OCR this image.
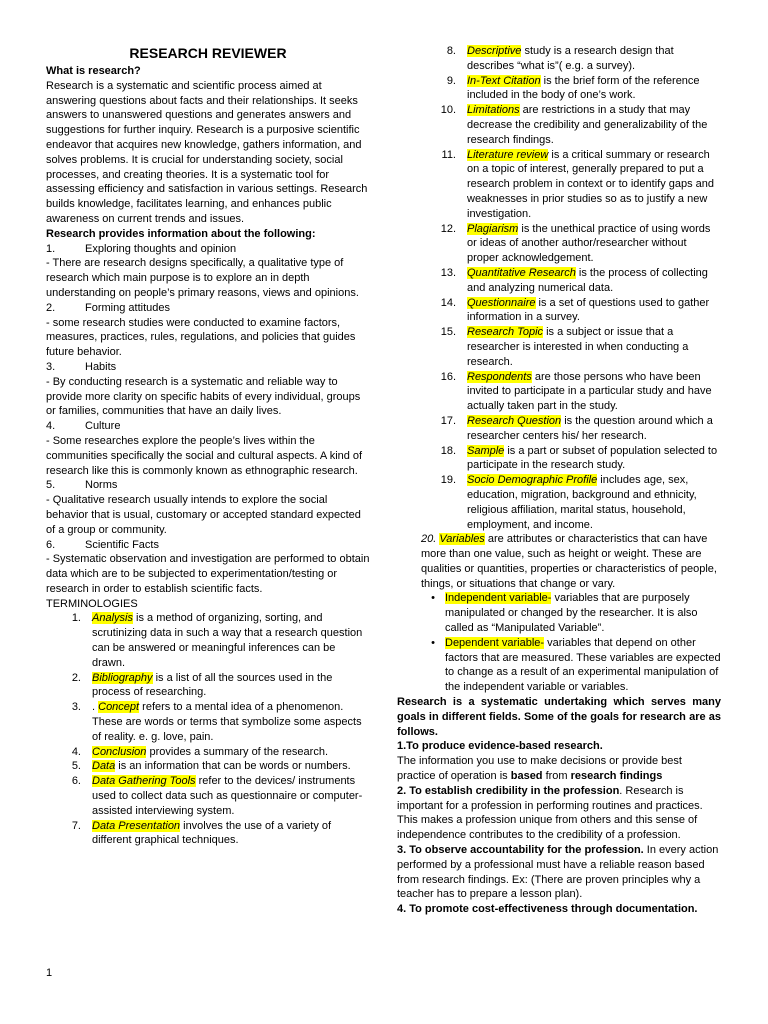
RESEARCH REVIEWER

What is research?

Research is a systematic and scientific process aimed at answering questions about facts and their relationships. It seeks answers to unanswered questions and generates answers and suggestions for further inquiry. Research is a purposive scientific endeavor that acquires new knowledge, gathers information, and solves problems. It is crucial for understanding society, social processes, and creating theories. It is a systematic tool for assessing efficiency and satisfaction in various settings. Research builds knowledge, facilitates learning, and enhances public awareness on current trends and issues.

Research provides information about the following:

1.	Exploring thoughts and opinion

- There are research designs specifically, a qualitative type of research which main purpose is to explore an in depth understanding on people’s primary reasons, views and opinions.

2.	Forming attitudes

- some research studies were conducted to examine factors, measures, practices, rules, regulations, and policies that guides future behavior.

3.	Habits

- By conducting research is a systematic and reliable way to provide more clarity on specific habits of every individual, groups or families, communities that have an daily lives.

4.	Culture

- Some researches explore the people’s lives within the communities specifically the social and cultural aspects. A kind of research like this is commonly known as ethnographic research.

5.	Norms

- Qualitative research usually intends to explore the social behavior that is usual, customary or accepted standard expected of a group or community.

6.	Scientific Facts

- Systematic observation and investigation are performed to obtain data which are to be subjected to experimentation/testing or research in order to establish scientific facts.

TERMINOLOGIES

1.	Analysis is a method of organizing, sorting, and scrutinizing data in such a way that a research question can be answered or meaningful inferences can be drawn.
2.	Bibliography is a list of all the sources used in the process of researching.
3.	. Concept refers to a mental idea of a phenomenon. These are words or terms that symbolize some aspects of reality. e. g. love, pain.
4.	Conclusion provides a summary of the research.
5.	Data is an information that can be words or numbers.
6.	Data Gathering Tools refer to the devices/ instruments used to collect data such as questionnaire or computer- assisted interviewing system.
7.	Data Presentation involves the use of a variety of different graphical techniques.
8.	Descriptive study is a research design that describes “what is”( e.g. a survey).
9.	In-Text Citation is the brief form of the reference included in the body of one’s work.
10.	Limitations are restrictions in a study that may decrease the credibility and generalizability of the research findings.
11.	Literature review is a critical summary or research on a topic of interest, generally prepared to put a research problem in context or to identify gaps and weaknesses in prior studies so as to justify a new investigation.
12.	Plagiarism is the unethical practice of using words or ideas of another author/researcher without proper acknowledgement.
13.	Quantitative Research is the process of collecting and analyzing numerical data.
14.	Questionnaire is a set of questions used to gather information in a survey.
15.	Research Topic is a subject or issue that a researcher is interested in when conducting a research.
16.	Respondents are those persons who have been invited to participate in a particular study and have actually taken part in the study.
17.	Research Question is the question around which a researcher centers his/ her research.
18.	Sample is a part or subset of population selected to participate in the research study.
19.	Socio Demographic Profile includes age, sex, education, migration, background and ethnicity, religious affiliation, marital status, household, employment, and income.

20. Variables are attributes or characteristics that can have more than one value, such as height or weight. These are qualities or quantities, properties or characteristics of people, things, or situations that change or vary.

• Independent variable- variables that are purposely manipulated or changed by the researcher. It is also called as “Manipulated Variable”.
• Dependent variable- variables that depend on other factors that are measured. These variables are expected to change as a result of an experimental manipulation of the independent variable or variables.

Research is a systematic undertaking which serves many goals in different fields. Some of the goals for research are as follows.

1.To produce evidence-based research.

The information you use to make decisions or provide best practice of operation is based from research findings

2. To establish credibility in the profession. Research is important for a profession in performing routines and practices. This makes a profession unique from others and this sense of independence contributes to the credibility of a profession.

3. To observe accountability for the profession. In every action performed by a professional must have a reliable reason based from research findings. Ex: (There are proven principles why a teacher has to prepare a lesson plan).

4. To promote cost-effectiveness through documentation.

1
